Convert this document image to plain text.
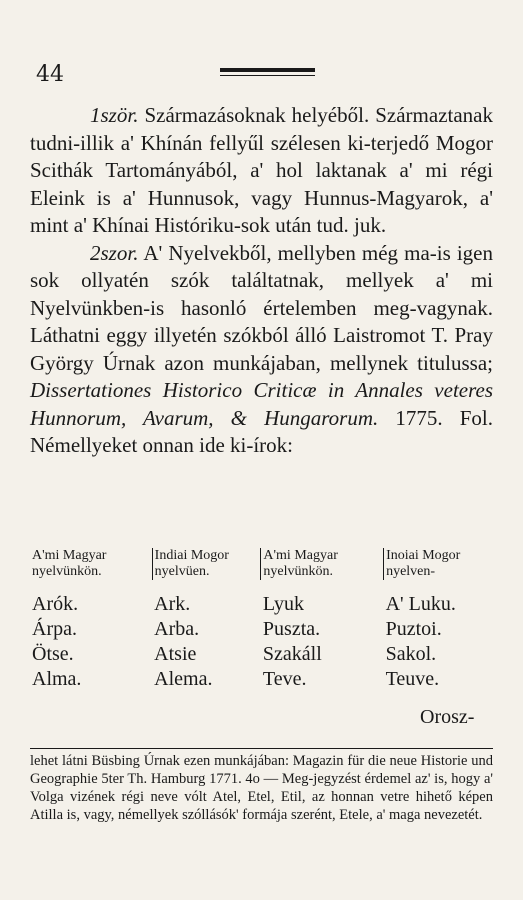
44

1ször. Származásoknak helyéből. Származtanak tudni-illik a' Khínán fellyűl szélesen ki-terjedő Mogor Scithák Tartományából, a' hol laktanak a' mi régi Eleink is a' Hunnusok, vagy Hunnus-Magyarok, a' mint a' Khínai Históriku-sok után tud. juk.

2szor. A' Nyelvekből, mellyben még ma-is igen sok ollyatén szók találtatnak, mellyek a' mi Nyelvünkben-is hasonló értelemben meg-vagynak. Láthatni eggy illyetén szókból álló Laistromot T. Pray György Úrnak azon munkájaban, mellynek titulussa; Dissertationes Historico Criticæ in Annales veteres Hunnorum, Avarum, & Hungarorum. 1775. Fol. Némellyeket onnan ide ki-írok:

A'mi Magyar nyelvünkön.	Indiai Mogor nyelvüen.	A'mi Magyar nyelvünkön.	Inoiai Mogor nyelven-

Arók.	Ark.	Lyuk	A' Luku.
Árpa.	Arba.	Pusztа.	Puztoi.
Ötse.	Atsie	Szakáll	Sakol.
Alma.	Alema.	Teve.	Teuve.
Orosz-
lehet látni Büsbing Úrnak ezen munkájában: Magazin für die neue Historie und Geographie 5ter Th. Hamburg 1771. 4o — Meg-jegyzést érdemel az' is, hogy a' Volga vizének régi neve vólt Atel, Etel, Etil, az honnan vetre hihető képen Atilla is, vagy, némellyek szóllásók' formája szerént, Etele, a' maga nevezetét.
